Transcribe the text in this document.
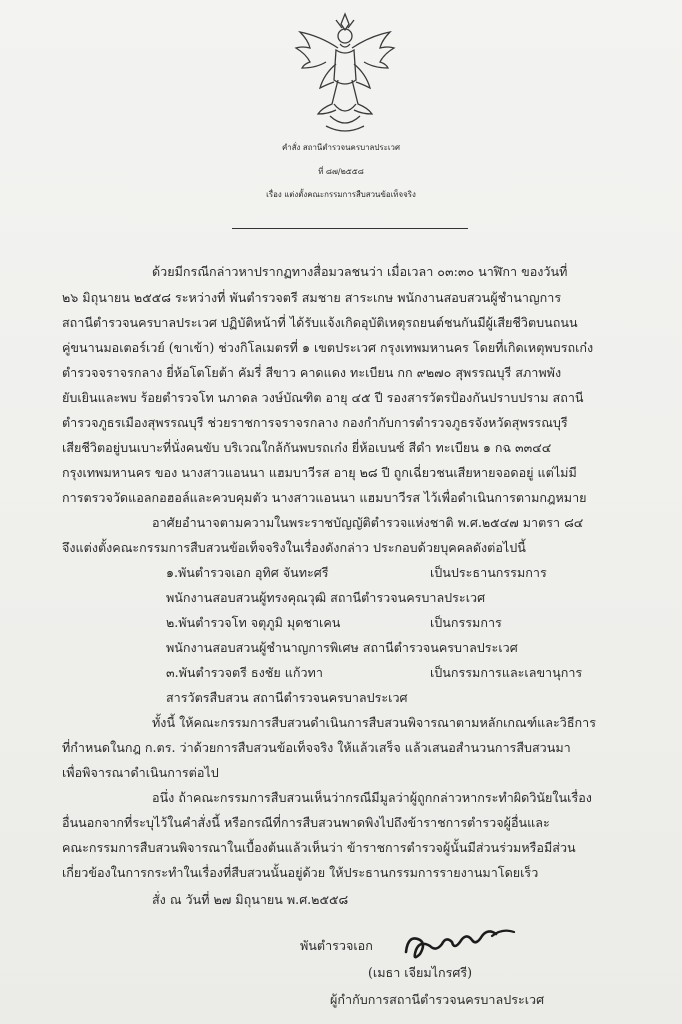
คำสั่ง สถานีตำรวจนครบาลประเวศ
ที่ ๘๗/๒๕๕๘
เรื่อง แต่งตั้งคณะกรรมการสืบสวนข้อเท็จจริง
ด้วยมีกรณีกล่าวหาปรากฏทางสื่อมวลชนว่า เมื่อเวลา ๐๓:๓๐ นาฬิกา ของวันที่
๒๖ มิถุนายน ๒๕๕๘ ระหว่างที่ พันตำรวจตรี สมชาย สาระเกษ พนักงานสอบสวนผู้ชำนาญการ
สถานีตำรวจนครบาลประเวศ ปฏิบัติหน้าที่ ได้รับแจ้งเกิดอุบัติเหตุรถยนต์ชนกันมีผู้เสียชีวิตบนถนน
คู่ขนานมอเตอร์เวย์ (ขาเข้า) ช่วงกิโลเมตรที่ ๑ เขตประเวศ กรุงเทพมหานคร โดยที่เกิดเหตุพบรถเก๋ง
ตำรวจจราจรกลาง ยี่ห้อโตโยต้า คัมรี่ สีขาว คาดแดง ทะเบียน กก ๙๒๗๐ สุพรรณบุรี สภาพพัง
ยับเยินและพบ ร้อยตำรวจโท นภาดล วงษ์บัณฑิต อายุ ๔๕ ปี รองสารวัตรป้องกันปราบปราม สถานี
ตำรวจภูธรเมืองสุพรรณบุรี ช่วยราชการจราจรกลาง กองกำกับการตำรวจภูธรจังหวัดสุพรรณบุรี
เสียชีวิตอยู่บนเบาะที่นั่งคนขับ บริเวณใกล้กันพบรถเก๋ง ยี่ห้อเบนซ์ สีดำ ทะเบียน ๑ กฉ ๓๓๔๔
กรุงเทพมหานคร ของ นางสาวแอนนา แฮมบาวีรส อายุ ๒๘ ปี ถูกเฉี่ยวชนเสียหายจอดอยู่ แต่ไม่มี
การตรวจวัดแอลกอฮอล์และควบคุมตัว นางสาวแอนนา แฮมบาวีรส ไว้เพื่อดำเนินการตามกฎหมาย
อาศัยอำนาจตามความในพระราชบัญญัติตำรวจแห่งชาติ พ.ศ.๒๕๔๗ มาตรา ๘๔
จึงแต่งตั้งคณะกรรมการสืบสวนข้อเท็จจริงในเรื่องดังกล่าว ประกอบด้วยบุคคลดังต่อไปนี้
๑.พันตำรวจเอก อุทิศ จันทะศรี	เป็นประธานกรรมการ
พนักงานสอบสวนผู้ทรงคุณวุฒิ สถานีตำรวจนครบาลประเวศ
๒.พันตำรวจโท จตุภูมิ มุดชาเคน	เป็นกรรมการ
พนักงานสอบสวนผู้ชำนาญการพิเศษ สถานีตำรวจนครบาลประเวศ
๓.พันตำรวจตรี ธงชัย แก้วทา	เป็นกรรมการและเลขานุการ
สารวัตรสืบสวน สถานีตำรวจนครบาลประเวศ
ทั้งนี้ ให้คณะกรรมการสืบสวนดำเนินการสืบสวนพิจารณาตามหลักเกณฑ์และวิธีการ
ที่กำหนดในกฎ ก.ตร. ว่าด้วยการสืบสวนข้อเท็จจริง ให้แล้วเสร็จ แล้วเสนอสำนวนการสืบสวนมา
เพื่อพิจารณาดำเนินการต่อไป
อนึ่ง ถ้าคณะกรรมการสืบสวนเห็นว่ากรณีมีมูลว่าผู้ถูกกล่าวหากระทำผิดวินัยในเรื่อง
อื่นนอกจากที่ระบุไว้ในคำสั่งนี้ หรือกรณีที่การสืบสวนพาดพิงไปถึงข้าราชการตำรวจผู้อื่นและ
คณะกรรมการสืบสวนพิจารณาในเบื้องต้นแล้วเห็นว่า ข้าราชการตำรวจผู้นั้นมีส่วนร่วมหรือมีส่วน
เกี่ยวข้องในการกระทำในเรื่องที่สืบสวนนั้นอยู่ด้วย ให้ประธานกรรมการรายงานมาโดยเร็ว
สั่ง ณ วันที่ ๒๗ มิถุนายน พ.ศ.๒๕๕๘
พันตำรวจเอก
(เมธา เจียมไกรศรี)
ผู้กำกับการสถานีตำรวจนครบาลประเวศ
